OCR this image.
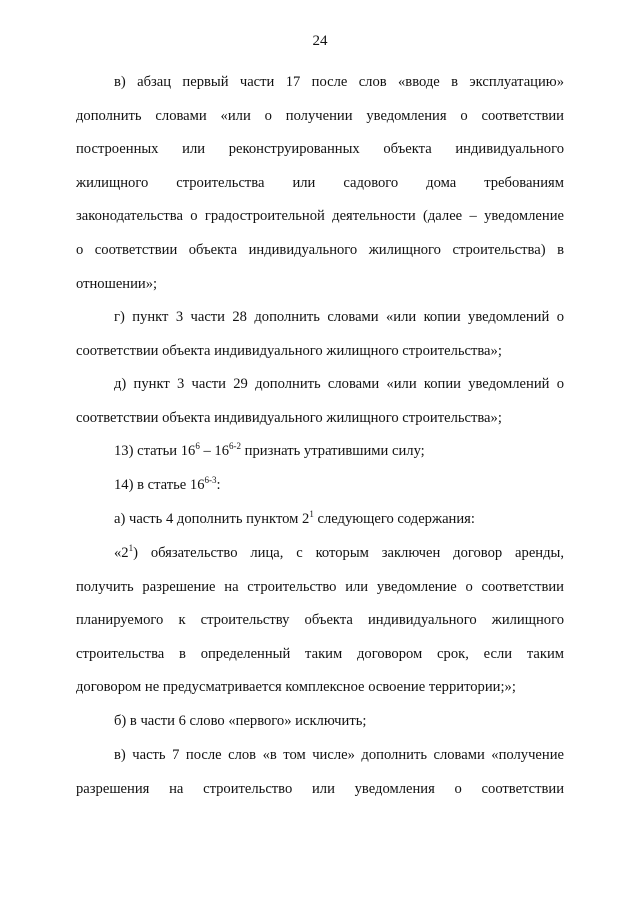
24
в) абзац первый части 17 после слов «вводе в эксплуатацию»
дополнить словами «или о получении уведомления о соответствии
построенных или реконструированных объекта индивидуального
жилищного строительства или садового дома требованиям
законодательства о градостроительной деятельности (далее – уведомление
о соответствии объекта индивидуального жилищного строительства) в
отношении»;
г) пункт 3 части 28 дополнить словами «или копии уведомлений о
соответствии объекта индивидуального жилищного строительства»;
д) пункт 3 части 29 дополнить словами «или копии уведомлений о
соответствии объекта индивидуального жилищного строительства»;
13) статьи $16^6 - 16^{6-2}$ признать утратившими силу;
14) в статье 16$^{6-3}$:
а) часть 4 дополнить пунктом $2^1$ следующего содержания:
«$2^1$) обязательство лица, с которым заключен договор аренды,
получить разрешение на строительство или уведомление о соответствии
планируемого к строительству объекта индивидуального жилищного
строительства в определенный таким договором срок, если таким
договором не предусматривается комплексное освоение территории;»;
б) в части 6 слово «первого» исключить;
в) часть 7 после слов «в том числе» дополнить словами «получение
разрешения на строительство или уведомления о соответствии
